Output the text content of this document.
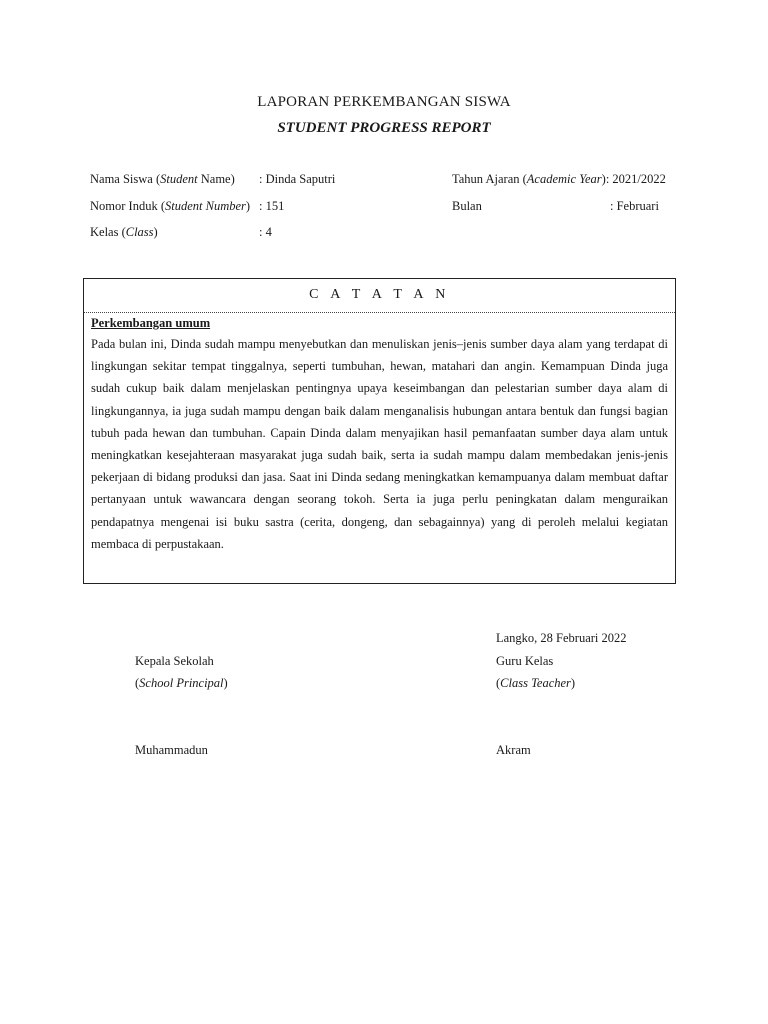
LAPORAN PERKEMBANGAN SISWA
STUDENT PROGRESS REPORT
Nama Siswa (Student Name) : Dinda Saputri
Nomor Induk (Student Number) : 151
Kelas (Class)	: 4
Tahun Ajaran (Academic Year): 2021/2022
Bulan	: Februari
C A T A T A N
Perkembangan umum

Pada bulan ini, Dinda sudah mampu menyebutkan dan menuliskan jenis–jenis sumber daya alam yang terdapat di lingkungan sekitar tempat tinggalnya, seperti tumbuhan, hewan, matahari dan angin. Kemampuan Dinda juga sudah cukup baik dalam menjelaskan pentingnya upaya keseimbangan dan pelestarian sumber daya alam di lingkungannya, ia juga sudah mampu dengan baik dalam menganalisis hubungan antara bentuk dan fungsi bagian tubuh pada hewan dan tumbuhan. Capain Dinda dalam menyajikan hasil pemanfaatan sumber daya alam untuk meningkatkan kesejahteraan masyarakat juga sudah baik, serta ia sudah mampu dalam membedakan jenis-jenis pekerjaan di bidang produksi dan jasa. Saat ini Dinda sedang meningkatkan kemampuanya dalam membuat daftar pertanyaan untuk wawancara dengan seorang tokoh. Serta ia juga perlu peningkatan dalam menguraikan pendapatnya mengenai isi buku sastra (cerita, dongeng, dan sebagainnya) yang di peroleh melalui kegiatan membaca di perpustakaan.

Langko, 28 Februari 2022
Kepala Sekolah
(School Principal)
Muhammadun
Guru Kelas
(Class Teacher)
Akram
